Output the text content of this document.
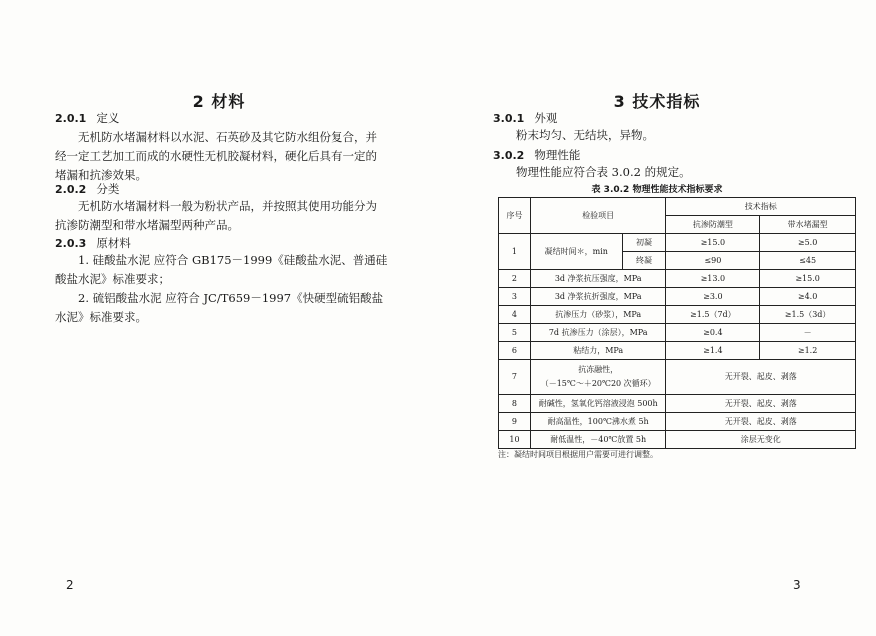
2 材料
2.0.1 定义
无机防水堵漏材料以水泥、石英砂及其它防水组份复合，并
经一定工艺加工而成的水硬性无机胶凝材料，硬化后具有一定的
堵漏和抗渗效果。
2.0.2 分类
无机防水堵漏材料一般为粉状产品，并按照其使用功能分为
抗渗防潮型和带水堵漏型两种产品。
2.0.3 原材料
1. 硅酸盐水泥 应符合 GB175－1999《硅酸盐水泥、普通硅
酸盐水泥》标准要求；
2. 硫铝酸盐水泥 应符合 JC/T659－1997《快硬型硫铝酸盐
水泥》标准要求。
2
3 技术指标
3.0.1 外观
粉末均匀、无结块，异物。
3.0.2 物理性能
物理性能应符合表 3.0.2 的规定。
表 3.0.2 物理性能技术指标要求
序号	检验项目		技术指标	
			抗渗防潮型	带水堵漏型
1	凝结时间＊，min	初凝	≥15.0	≥5.0
		终凝	≤90	≤45
2	3d 净浆抗压强度，MPa		≥13.0	≥15.0
3	3d 净浆抗折强度，MPa		≥3.0	≥4.0
4	抗渗压力（砂浆），MPa		≥1.5（7d）	≥1.5（3d）
5	7d 抗渗压力（涂层），MPa		≥0.4	－
6	粘结力，MPa		≥1.4	≥1.2
7	抗冻融性，
（－15℃～＋20℃20 次循环）		无开裂、起皮、剥落	
8	耐碱性，氢氧化钙溶液浸泡 500h		无开裂、起皮、剥落	
9	耐高温性，100℃沸水煮 5h		无开裂、起皮、剥落	
10	耐低温性，－40℃放置 5h		涂层无变化	
注：凝结时间项目根据用户需要可进行调整。
3
